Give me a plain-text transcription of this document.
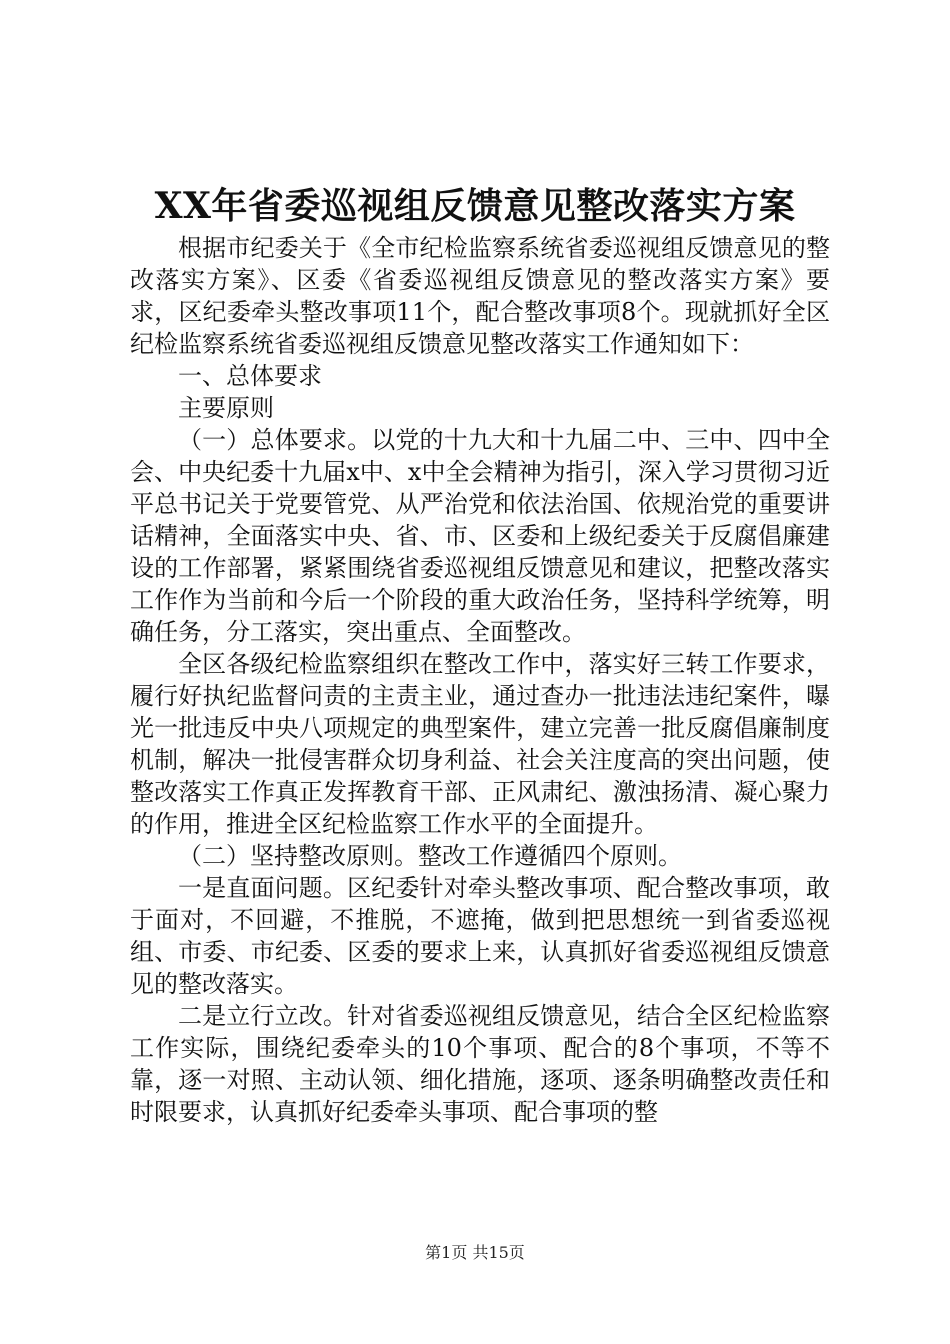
XX年省委巡视组反馈意见整改落实方案

根据市纪委关于《全市纪检监察系统省委巡视组反馈意见的整改落实方案》、区委《省委巡视组反馈意见的整改落实方案》要求，区纪委牵头整改事项11个，配合整改事项8个。现就抓好全区纪检监察系统省委巡视组反馈意见整改落实工作通知如下：

一、总体要求

主要原则

（一）总体要求。以党的十九大和十九届二中、三中、四中全会、中央纪委十九届x中、x中全会精神为指引，深入学习贯彻习近平总书记关于党要管党、从严治党和依法治国、依规治党的重要讲话精神，全面落实中央、省、市、区委和上级纪委关于反腐倡廉建设的工作部署，紧紧围绕省委巡视组反馈意见和建议，把整改落实工作作为当前和今后一个阶段的重大政治任务，坚持科学统筹，明确任务，分工落实，突出重点、全面整改。

全区各级纪检监察组织在整改工作中，落实好三转工作要求，履行好执纪监督问责的主责主业，通过查办一批违法违纪案件，曝光一批违反中央八项规定的典型案件，建立完善一批反腐倡廉制度机制，解决一批侵害群众切身利益、社会关注度高的突出问题，使整改落实工作真正发挥教育干部、正风肃纪、激浊扬清、凝心聚力的作用，推进全区纪检监察工作水平的全面提升。

（二）坚持整改原则。整改工作遵循四个原则。

一是直面问题。区纪委针对牵头整改事项、配合整改事项，敢于面对，不回避，不推脱，不遮掩，做到把思想统一到省委巡视组、市委、市纪委、区委的要求上来，认真抓好省委巡视组反馈意见的整改落实。

二是立行立改。针对省委巡视组反馈意见，结合全区纪检监察工作实际，围绕纪委牵头的10个事项、配合的8个事项，不等不靠，逐一对照、主动认领、细化措施，逐项、逐条明确整改责任和时限要求，认真抓好纪委牵头事项、配合事项的整

第1页 共15页
